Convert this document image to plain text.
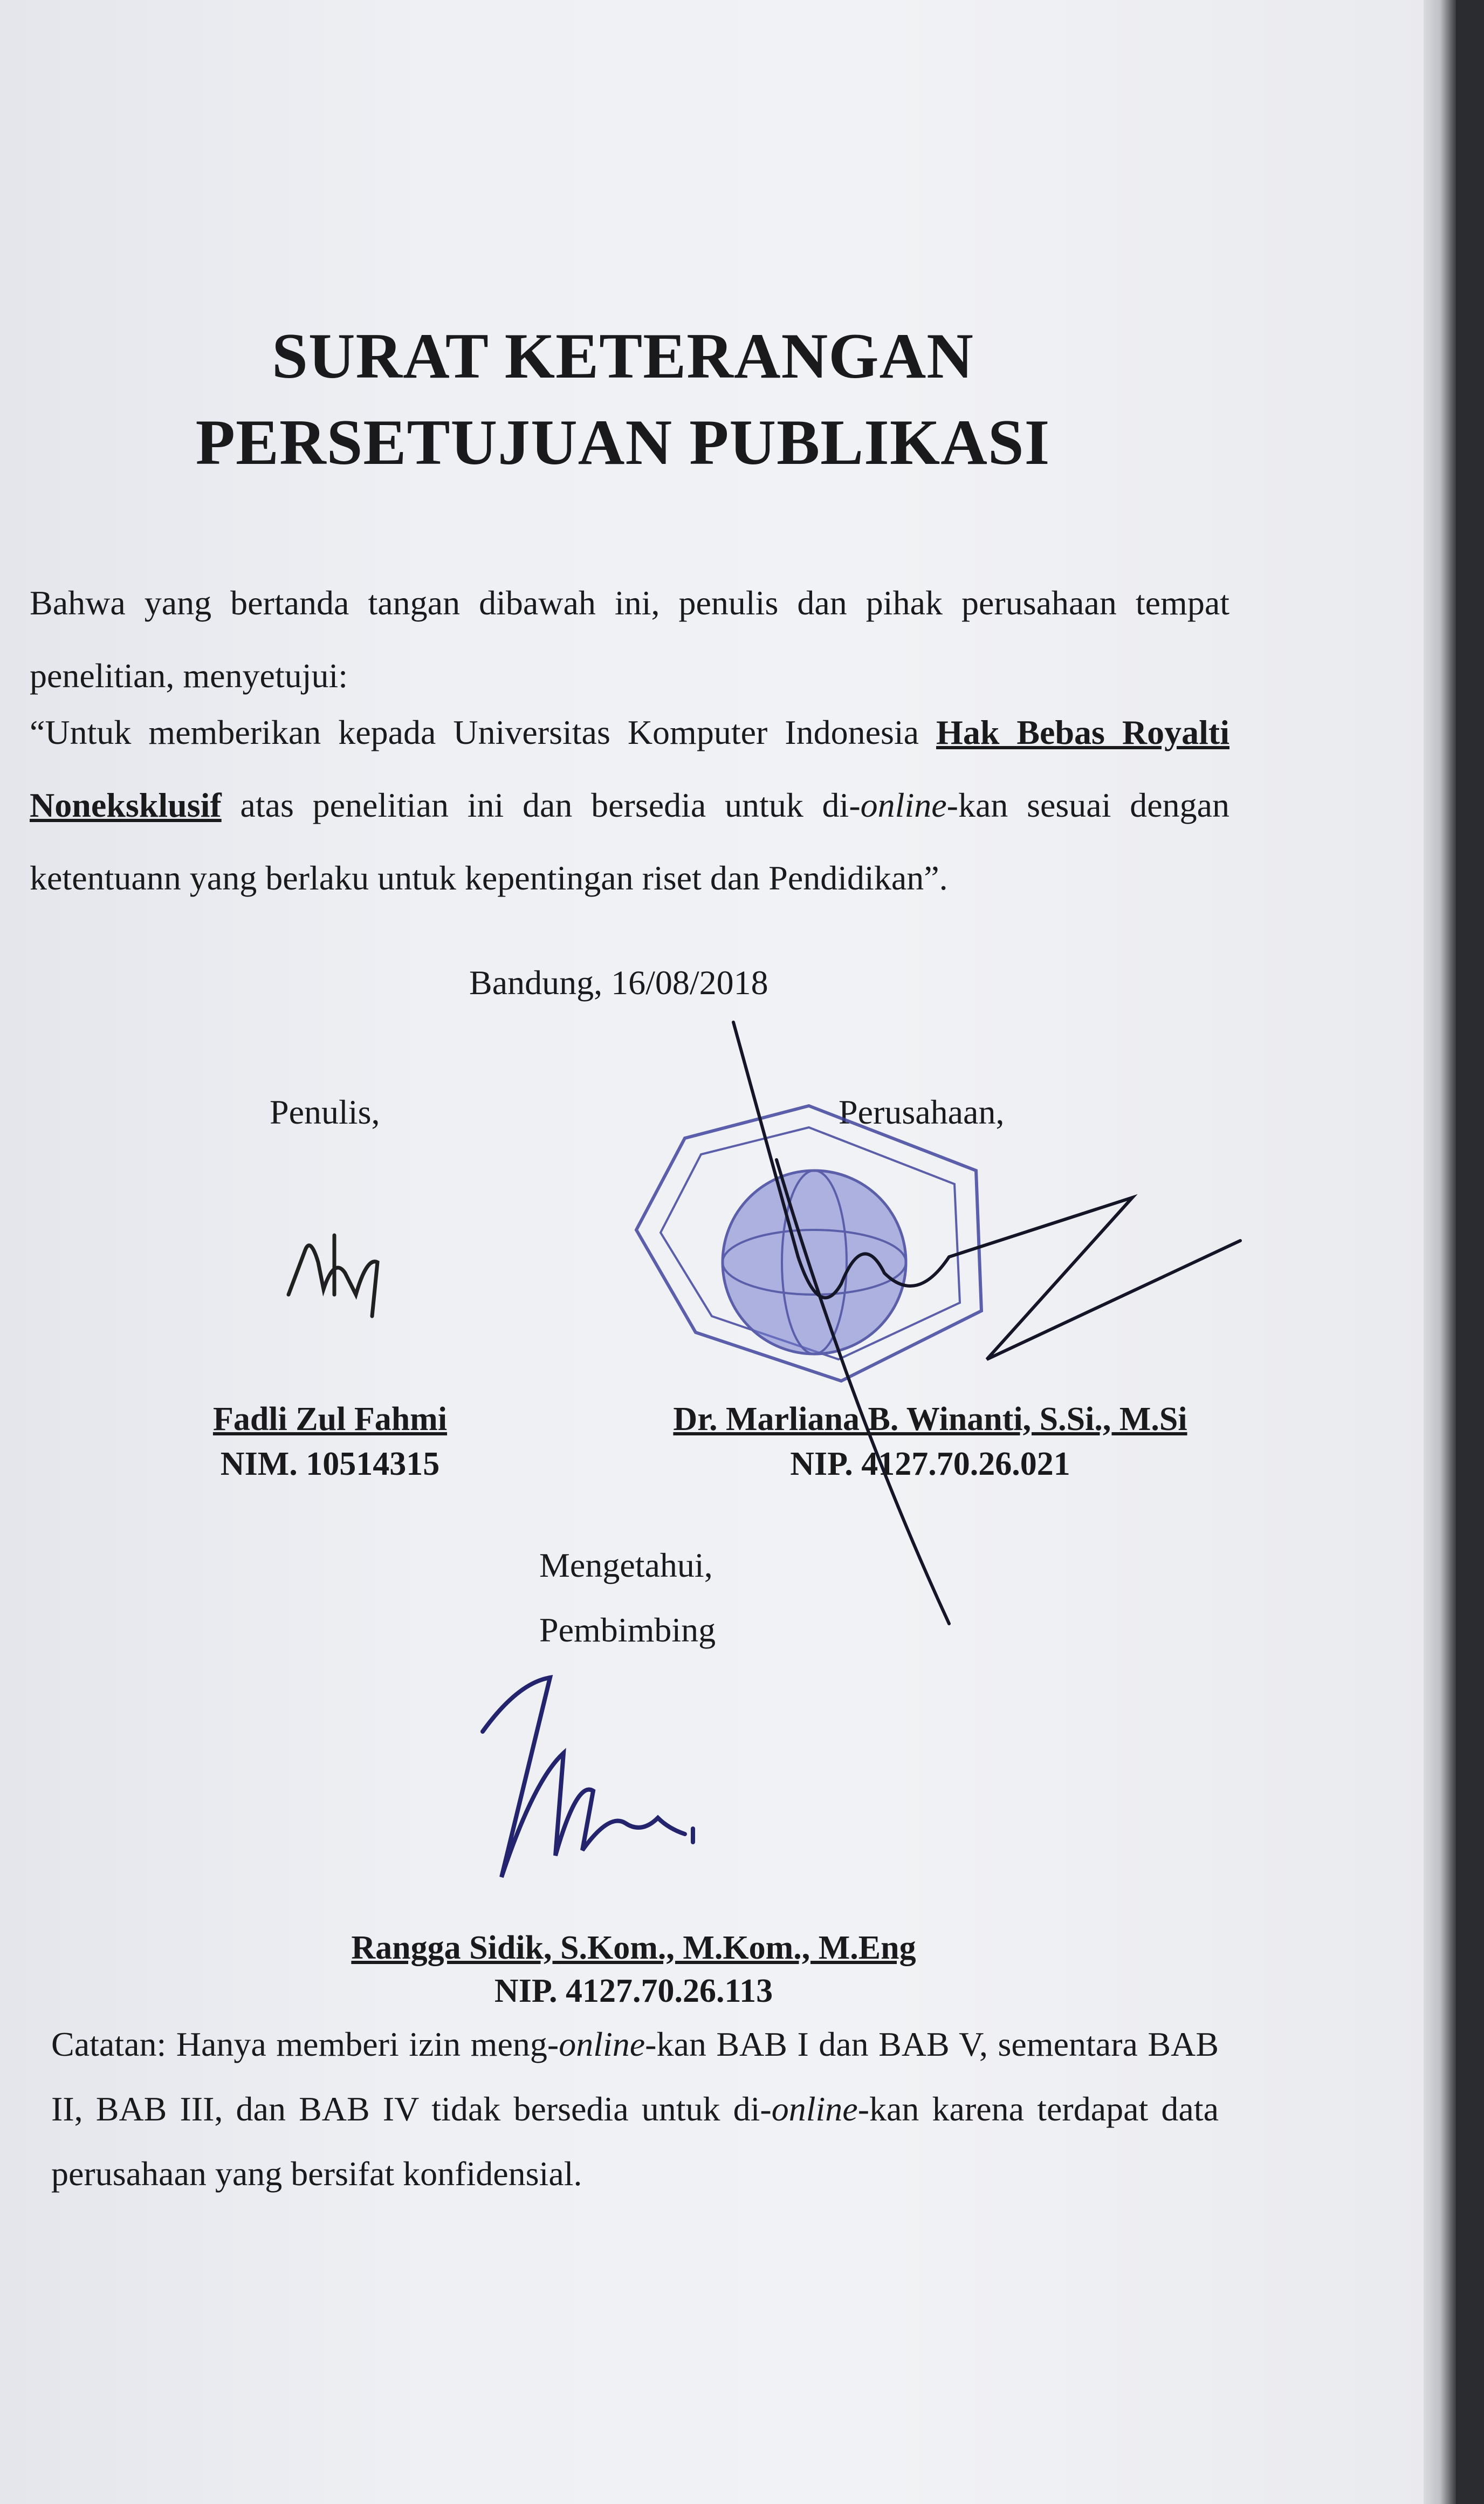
SURAT KETERANGAN
PERSETUJUAN PUBLIKASI

Bahwa yang bertanda tangan dibawah ini, penulis dan pihak perusahaan tempat penelitian, menyetujui:

“Untuk memberikan kepada Universitas Komputer Indonesia Hak Bebas Royalti Noneksklusif atas penelitian ini dan bersedia untuk di-online-kan sesuai dengan ketentuann yang berlaku untuk kepentingan riset dan Pendidikan”.

Bandung, 16/08/2018
Penulis,	Perusahaan,
Fadli Zul Fahmi
NIM. 10514315
Dr. Marliana B. Winanti, S.Si., M.Si
NIP. 4127.70.26.021
Mengetahui,
Pembimbing
Rangga Sidik, S.Kom., M.Kom., M.Eng
NIP. 4127.70.26.113

Catatan: Hanya memberi izin meng-online-kan BAB I dan BAB V, sementara BAB II, BAB III, dan BAB IV tidak bersedia untuk di-online-kan karena terdapat data perusahaan yang bersifat konfidensial.
